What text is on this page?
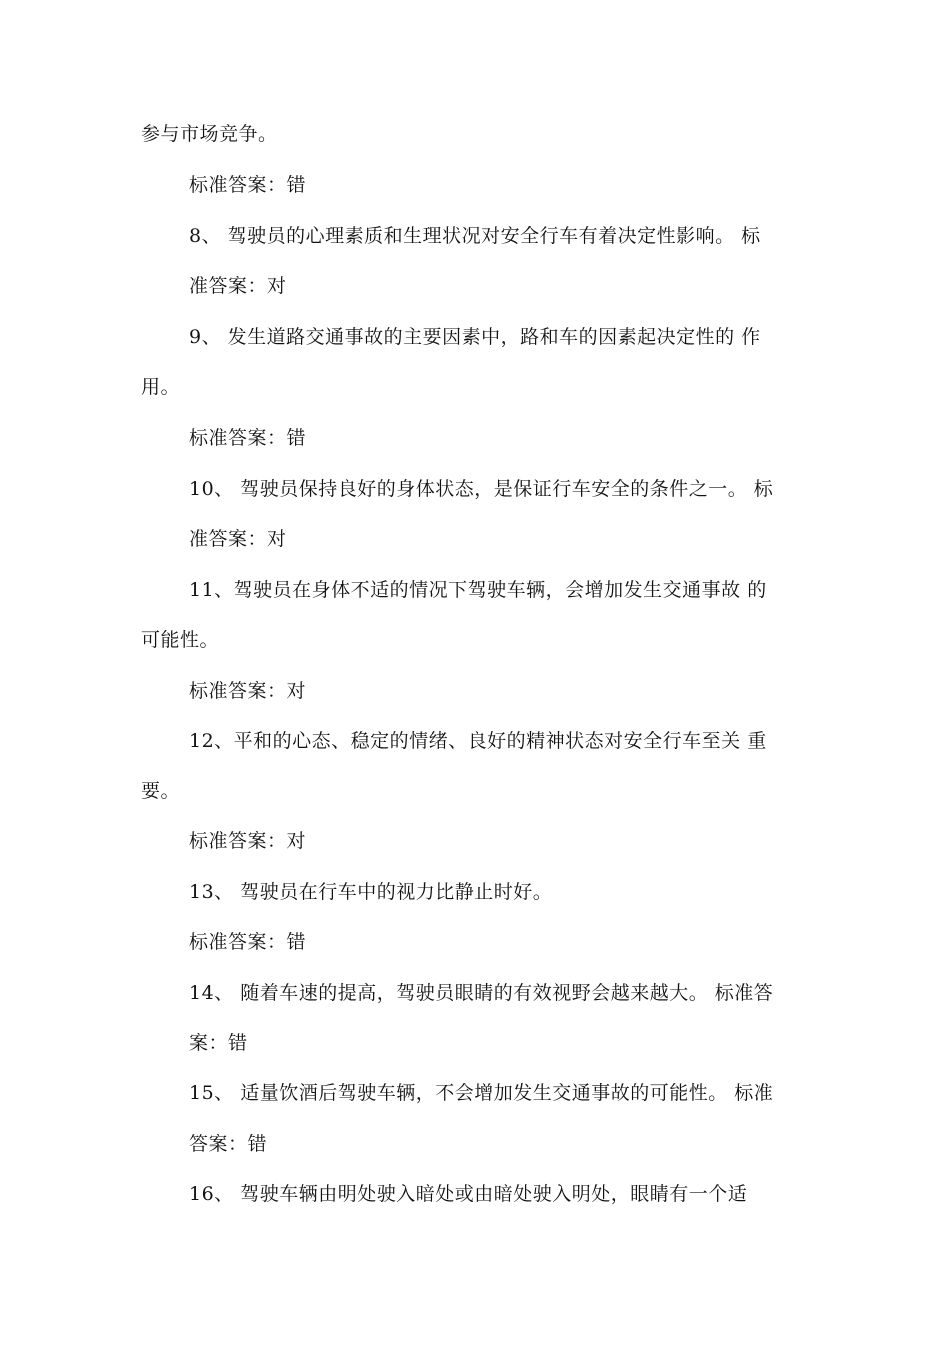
参与市场竞争。
标准答案：错
8、 驾驶员的心理素质和生理状况对安全行车有着决定性影响。 标
准答案：对
9、 发生道路交通事故的主要因素中，路和车的因素起决定性的 作
用。
标准答案：错
10、 驾驶员保持良好的身体状态，是保证行车安全的条件之一。 标
准答案：对
11、驾驶员在身体不适的情况下驾驶车辆，会增加发生交通事故 的
可能性。
标准答案：对
12、平和的心态、稳定的情绪、良好的精神状态对安全行车至关 重
要。
标准答案：对
13、 驾驶员在行车中的视力比静止时好。
标准答案：错
14、 随着车速的提高，驾驶员眼睛的有效视野会越来越大。 标准答
案：错
15、 适量饮酒后驾驶车辆，不会增加发生交通事故的可能性。 标准
答案：错
16、 驾驶车辆由明处驶入暗处或由暗处驶入明处，眼睛有一个适
